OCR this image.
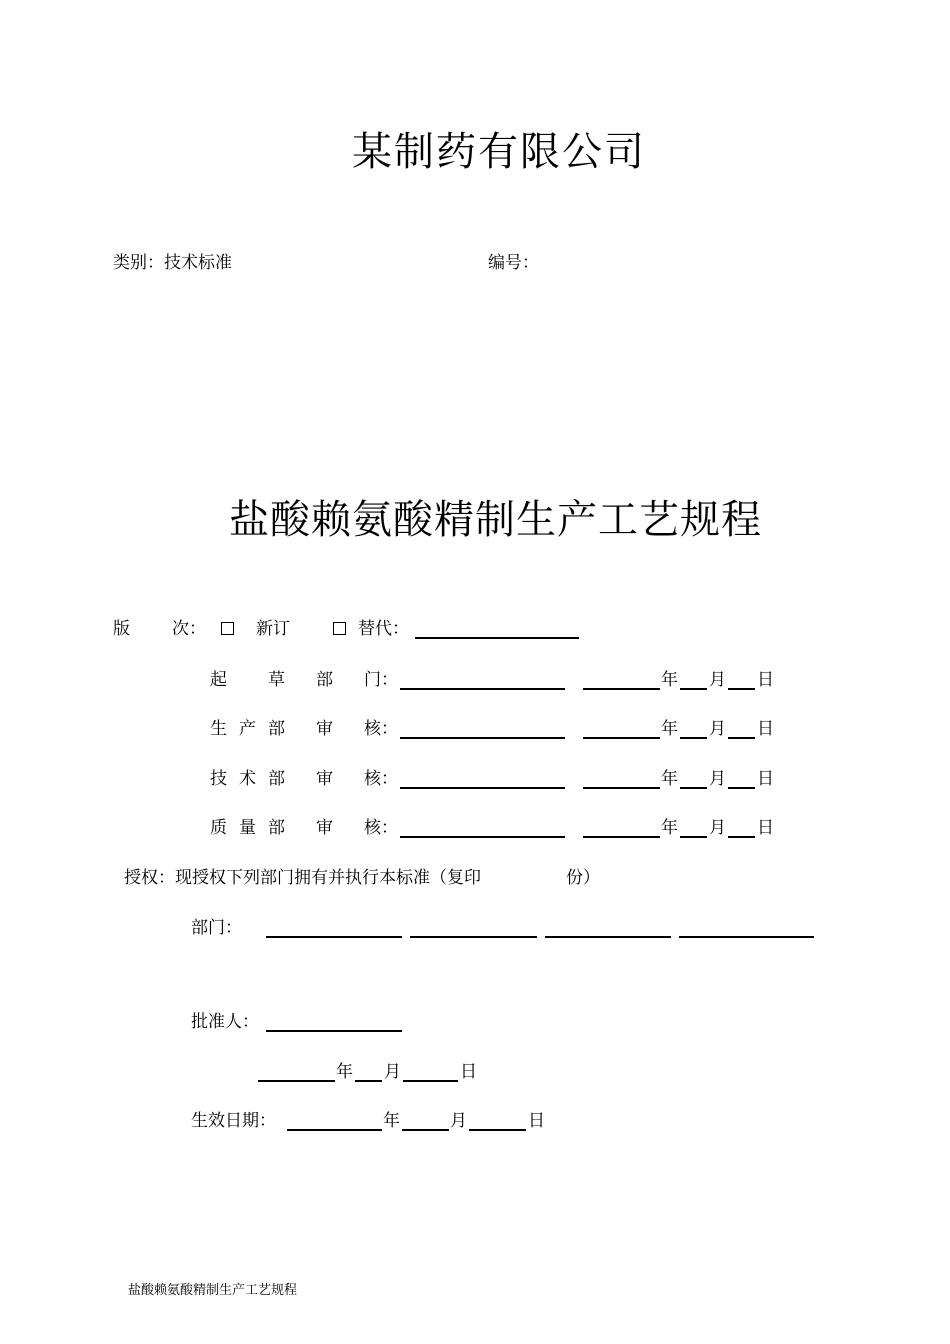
某制药有限公司
类别：技术标准	编号：
盐酸赖氨酸精制生产工艺规程
版 次：	新订	替代：
起 草 部 门：	年 月 日
生 产 部 审 核：	年 月 日
技 术 部 审 核：	年 月 日
质 量 部 审 核：	年 月 日
授权：现授权下列部门拥有并执行本标准（复印	份）
部门：
批准人：
年 月	日
生效日期：	年	月	日
盐酸赖氨酸精制生产工艺规程
